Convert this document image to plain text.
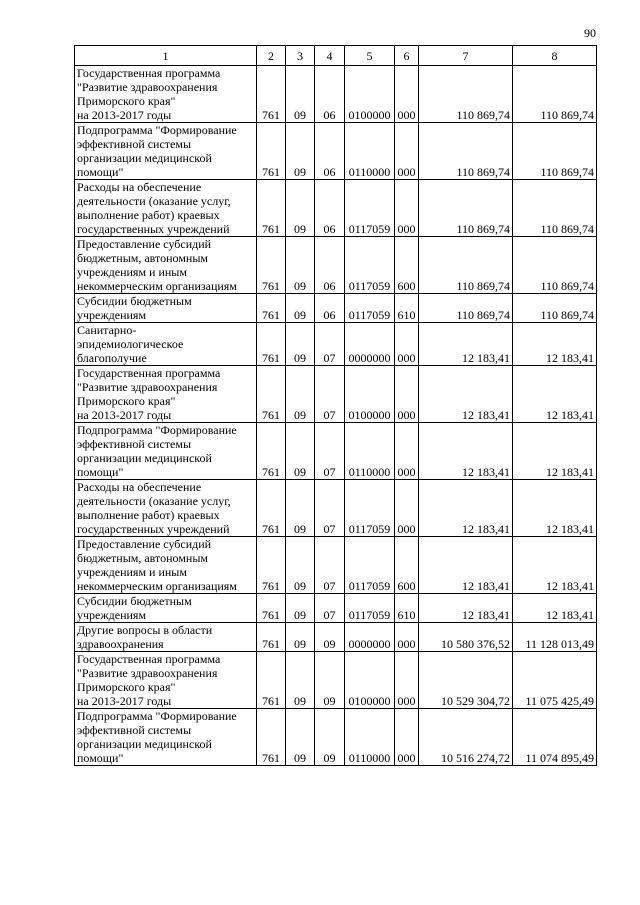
90
1	2	3	4	5	6	7	8

Государственная программа
"Развитие здравоохранения
Приморского края"
на 2013-2017 годы	761	09	06	0100000	000	110 869,74	110 869,74

Подпрограмма "Формирование
эффективной системы
организации медицинской
помощи"	761	09	06	0110000	000	110 869,74	110 869,74

Расходы на обеспечение
деятельности (оказание услуг,
выполнение работ) краевых
государственных учреждений	761	09	06	0117059	000	110 869,74	110 869,74

Предоставление субсидий
бюджетным, автономным
учреждениям и иным
некоммерческим организациям	761	09	06	0117059	600	110 869,74	110 869,74

Субсидии бюджетным
учреждениям	761	09	06	0117059	610	110 869,74	110 869,74

Санитарно-
эпидемиологическое
благополучие	761	09	07	0000000	000	12 183,41	12 183,41

Государственная программа
"Развитие здравоохранения
Приморского края"
на 2013-2017 годы	761	09	07	0100000	000	12 183,41	12 183,41

Подпрограмма "Формирование
эффективной системы
организации медицинской
помощи"	761	09	07	0110000	000	12 183,41	12 183,41

Расходы на обеспечение
деятельности (оказание услуг,
выполнение работ) краевых
государственных учреждений	761	09	07	0117059	000	12 183,41	12 183,41

Предоставление субсидий
бюджетным, автономным
учреждениям и иным
некоммерческим организациям	761	09	07	0117059	600	12 183,41	12 183,41

Субсидии бюджетным
учреждениям	761	09	07	0117059	610	12 183,41	12 183,41

Другие вопросы в области
здравоохранения	761	09	09	0000000	000	10 580 376,52	11 128 013,49

Государственная программа
"Развитие здравоохранения
Приморского края"
на 2013-2017 годы	761	09	09	0100000	000	10 529 304,72	11 075 425,49

Подпрограмма "Формирование
эффективной системы
организации медицинской
помощи"	761	09	09	0110000	000	10 516 274,72	11 074 895,49
